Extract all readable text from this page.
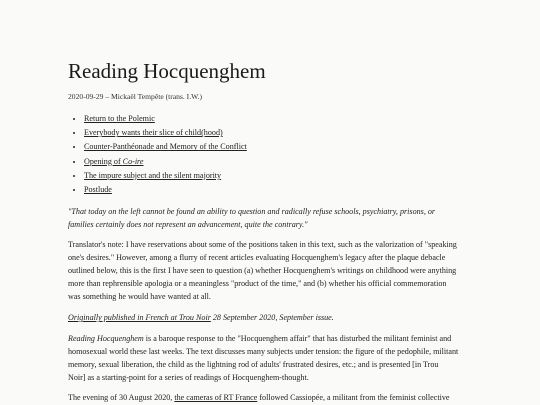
Reading Hocquenghem
2020-09-29 – Mickaël Tempête (trans. I.W.)
• Return to the Polemic
• Everybody wants their slice of child(hood)
• Counter-Panthéonade and Memory of the Conflict
• Opening of Co-ire
• The impure subject and the silent majority
• Postlude
"That today on the left cannot be found an ability to question and radically refuse schools, psychiatry, prisons, or
families certainly does not represent an advancement, quite the contrary."
Translator's note: I have reservations about some of the positions taken in this text, such as the valorization of "speaking
one's desires." However, among a flurry of recent articles evaluating Hocquenghem's legacy after the plaque debacle
outlined below, this is the first I have seen to question (a) whether Hocquenghem's writings on childhood were anything
more than rephrensible apologia or a meaningless "product of the time," and (b) whether his official commemoration
was something he would have wanted at all.
Originally published in French at Trou Noir 28 September 2020, September issue.
Reading Hocquenghem is a baroque response to the "Hocquenghem affair" that has disturbed the militant feminist and
homosexual world these last weeks. The text discusses many subjects under tension: the figure of the pedophile, militant
memory, sexual liberation, the child as the lightning rod of adults' frustrated desires, etc.; and is presented [in Trou
Noir] as a starting-point for a series of readings of Hocquenghem-thought.
The evening of 30 August 2020, the cameras of RT France followed Cassiopée, a militant from the feminist collective
